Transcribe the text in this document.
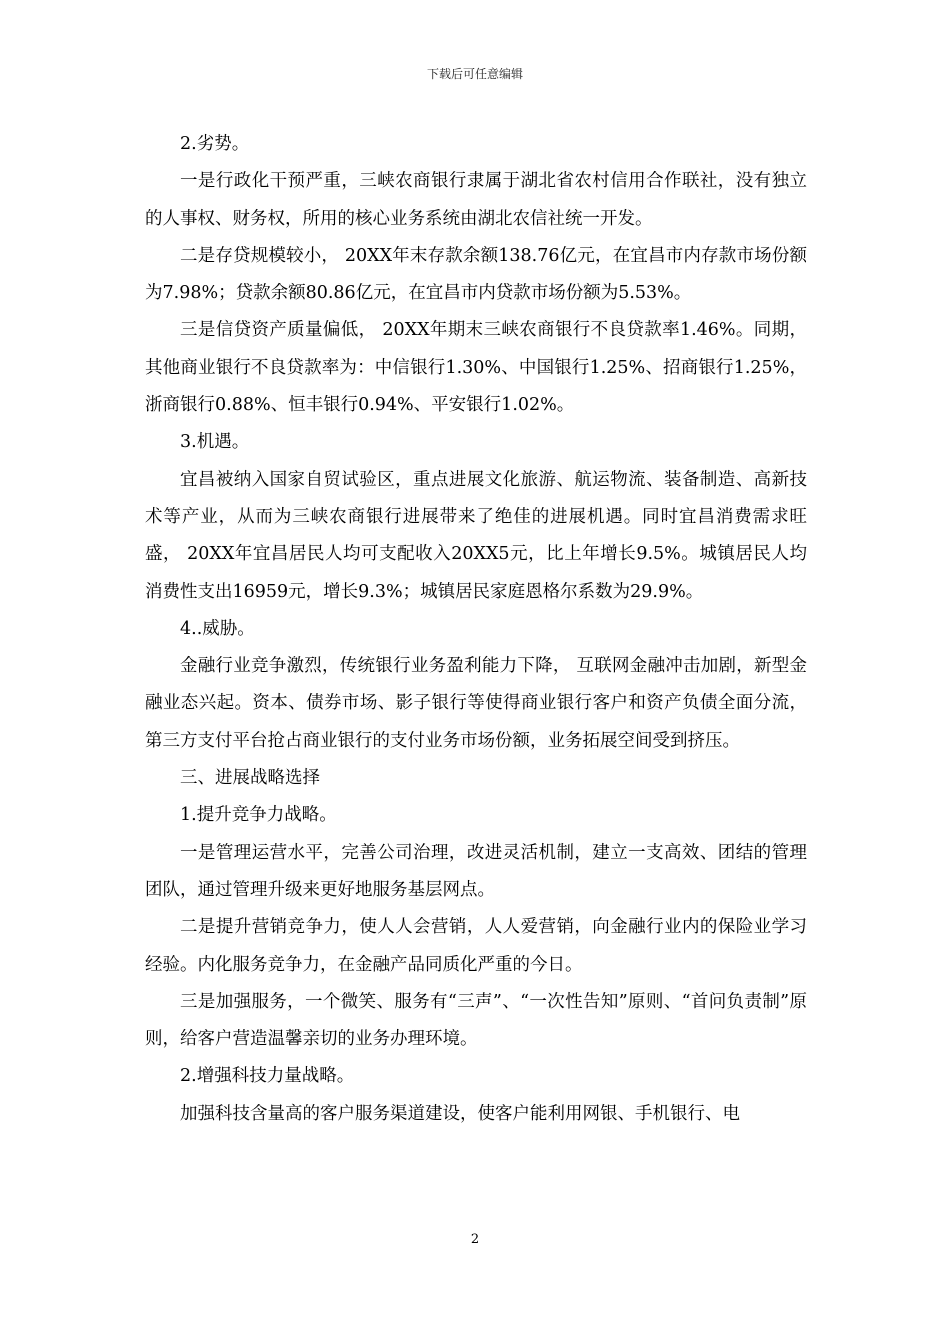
下载后可任意编辑

2.劣势。

一是行政化干预严重，三峡农商银行隶属于湖北省农村信用合作联社，没有独立的人事权、财务权，所用的核心业务系统由湖北农信社统一开发。

二是存贷规模较小， 20XX年末存款余额138.76亿元，在宜昌市内存款市场份额为7.98%；贷款余额80.86亿元，在宜昌市内贷款市场份额为5.53%。

三是信贷资产质量偏低， 20XX年期末三峡农商银行不良贷款率1.46%。同期，其他商业银行不良贷款率为：中信银行1.30%、中国银行1.25%、招商银行1.25%，浙商银行0.88%、恒丰银行0.94%、平安银行1.02%。

3.机遇。

宜昌被纳入国家自贸试验区，重点进展文化旅游、航运物流、装备制造、高新技术等产业，从而为三峡农商银行进展带来了绝佳的进展机遇。同时宜昌消费需求旺盛， 20XX年宜昌居民人均可支配收入20XX5元，比上年增长9.5%。城镇居民人均消费性支出16959元，增长9.3%；城镇居民家庭恩格尔系数为29.9%。

4..威胁。

金融行业竞争激烈，传统银行业务盈利能力下降， 互联网金融冲击加剧，新型金融业态兴起。资本、债券市场、影子银行等使得商业银行客户和资产负债全面分流，第三方支付平台抢占商业银行的支付业务市场份额，业务拓展空间受到挤压。

三、进展战略选择

1.提升竞争力战略。

一是管理运营水平，完善公司治理，改进灵活机制，建立一支高效、团结的管理团队，通过管理升级来更好地服务基层网点。

二是提升营销竞争力，使人人会营销，人人爱营销，向金融行业内的保险业学习经验。内化服务竞争力，在金融产品同质化严重的今日。

三是加强服务，一个微笑、服务有“三声”、“一次性告知”原则、“首问负责制”原则，给客户营造温馨亲切的业务办理环境。

2.增强科技力量战略。

加强科技含量高的客户服务渠道建设，使客户能利用网银、手机银行、电

2
